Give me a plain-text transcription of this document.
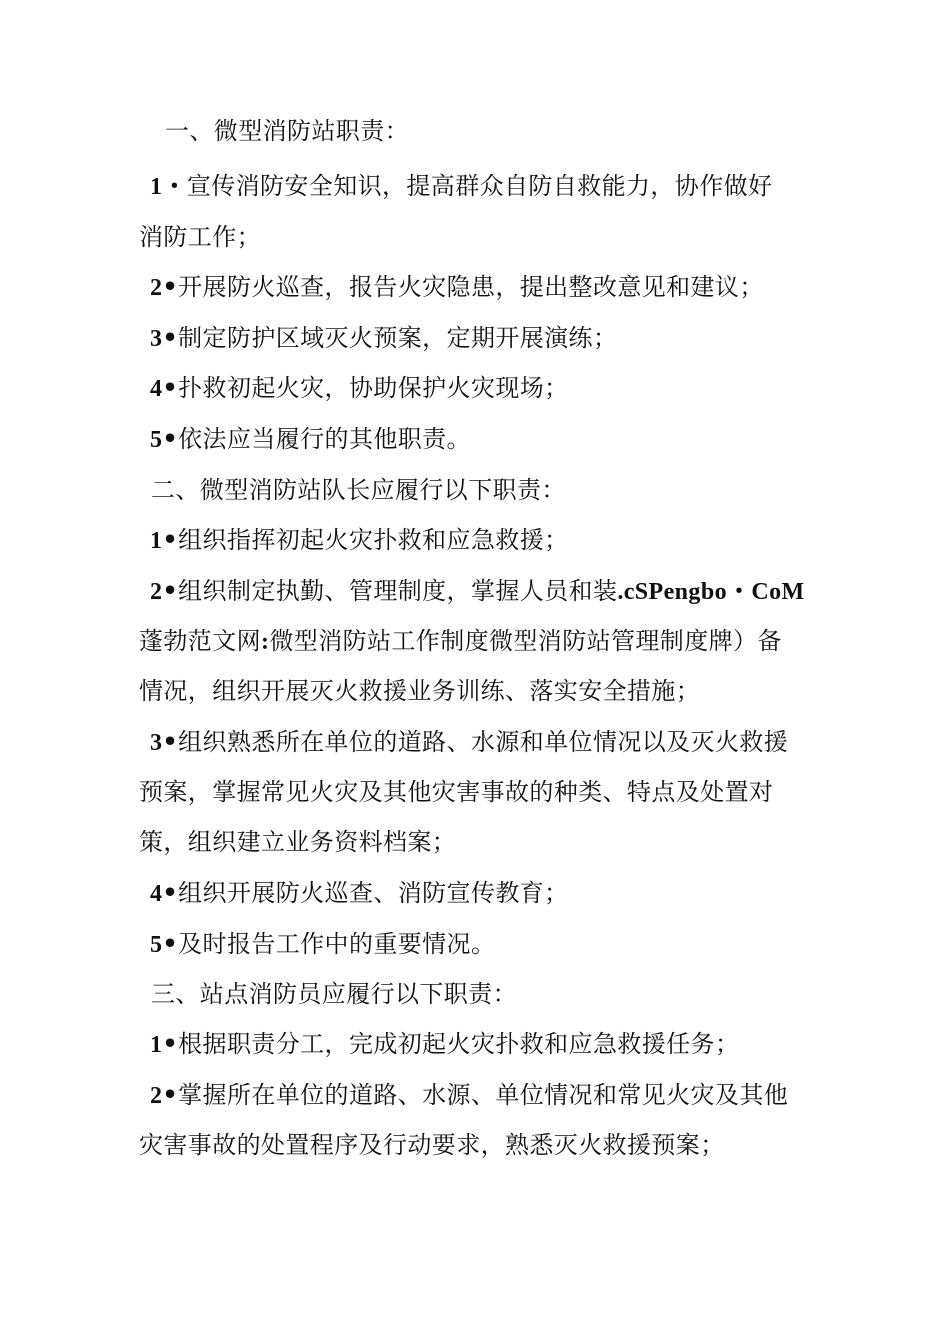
一、微型消防站职责：
1・宣传消防安全知识，提高群众自防自救能力，协作做好
消防工作；
2•开展防火巡查，报告火灾隐患，提出整改意见和建议；
3•制定防护区域灭火预案，定期开展演练；
4•扑救初起火灾，协助保护火灾现场；
5•依法应当履行的其他职责。
二、微型消防站队长应履行以下职责：
1•组织指挥初起火灾扑救和应急救援；
2•组织制定执勤、管理制度，掌握人员和装.cSPengbo・CoM
蓬勃范文网:微型消防站工作制度微型消防站管理制度牌）备
情况，组织开展灭火救援业务训练、落实安全措施；
3•组织熟悉所在单位的道路、水源和单位情况以及灭火救援
预案，掌握常见火灾及其他灾害事故的种类、特点及处置对
策，组织建立业务资料档案；
4•组织开展防火巡查、消防宣传教育；
5•及时报告工作中的重要情况。
三、站点消防员应履行以下职责：
1•根据职责分工，完成初起火灾扑救和应急救援任务；
2•掌握所在单位的道路、水源、单位情况和常见火灾及其他
灾害事故的处置程序及行动要求，熟悉灭火救援预案；
